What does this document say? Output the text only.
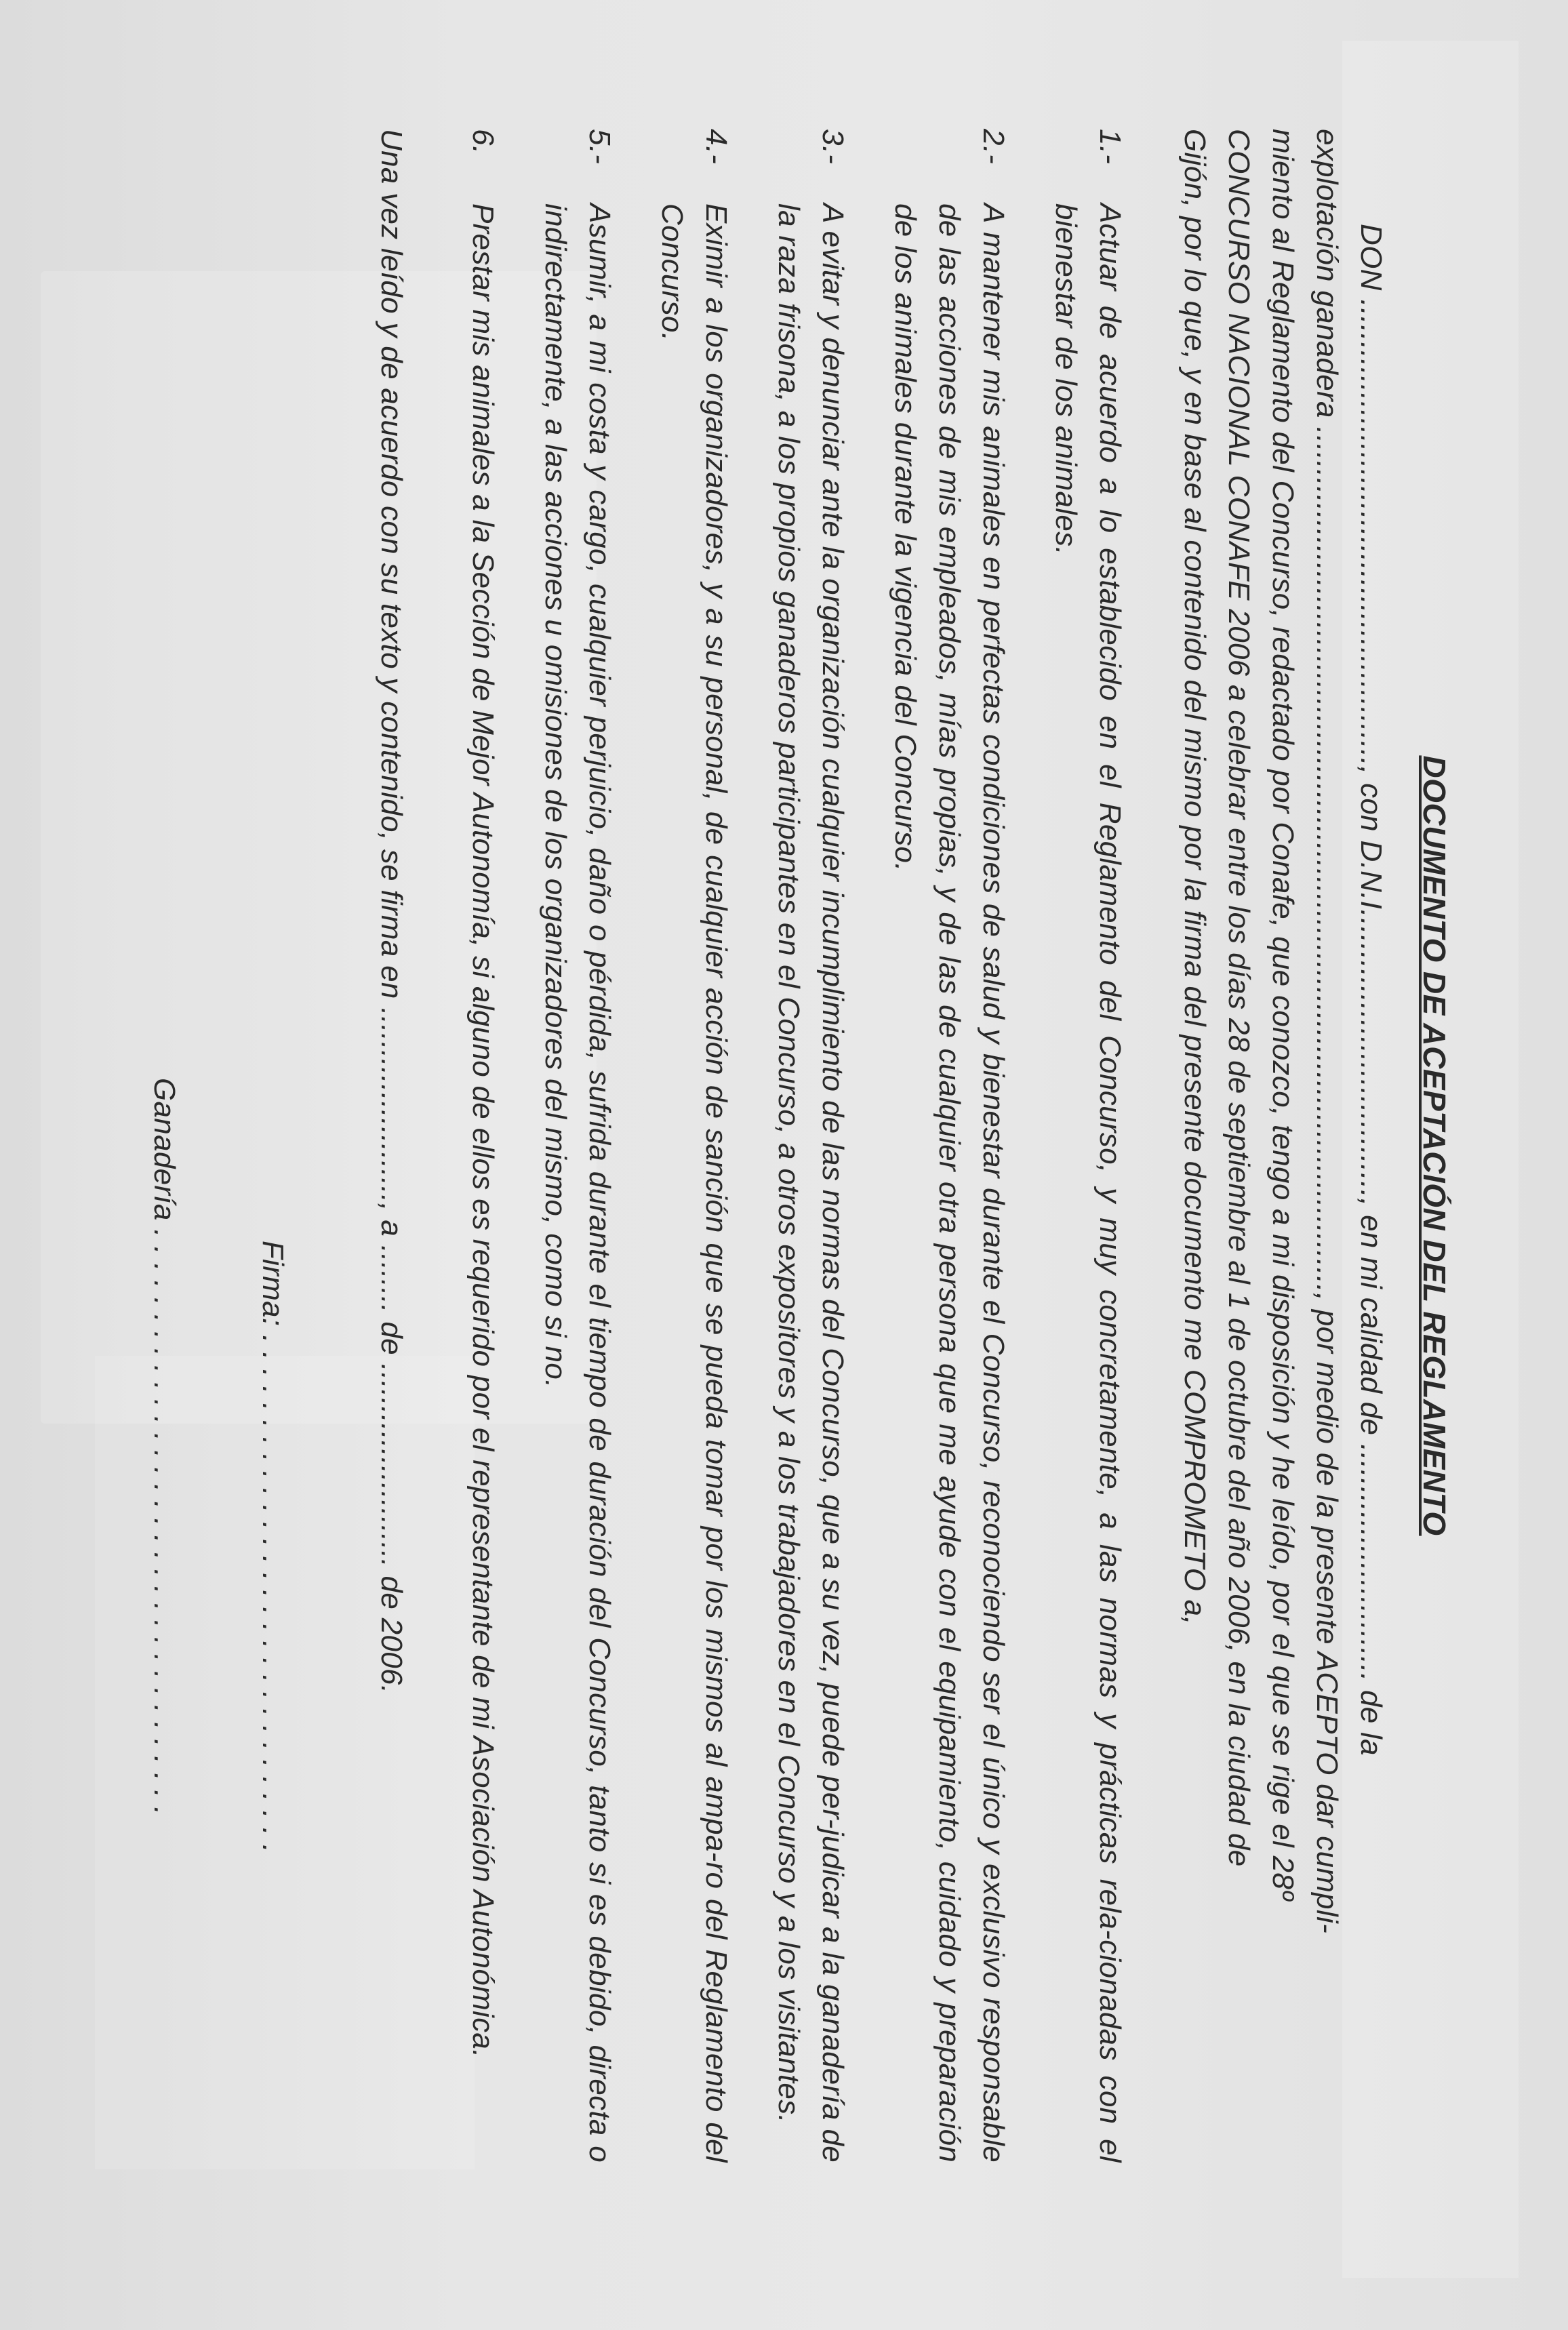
DOCUMENTO DE ACEPTACIÓN DEL REGLAMENTO
DON ......................................................., con D.N.I.................................., en mi calidad de ............................ de la
explotación ganadera ......................................................................................................, por medio de la presente ACEPTO dar cumpli-
miento al Reglamento del Concurso, redactado por Conafe, que conozco, tengo a mi disposición y he leído, por el que se rige el 28º
CONCURSO NACIONAL CONAFE 2006 a celebrar entre los días 28 de septiembre al 1 de octubre del año 2006, en la ciudad de
Gijón, por lo que, y en base al contenido del mismo por la firma del presente documento me COMPROMETO a,
1.-
Actuar de acuerdo a lo establecido en el Reglamento del Concurso, y muy concretamente, a las normas y prácticas rela-cionadas con el bienestar de los animales.
2.-
A mantener mis animales en perfectas condiciones de salud y bienestar durante el Concurso, reconociendo ser el único y exclusivo responsable de las acciones de mis empleados, mías propias, y de las de cualquier otra persona que me ayude con el equipamiento, cuidado y preparación de los animales durante la vigencia del Concurso.
3.-
A evitar y denunciar ante la organización cualquier incumplimiento de las normas del Concurso, que a su vez, puede per-judicar a la ganadería de la raza frisona, a los propios ganaderos participantes en el Concurso, a otros expositores y a los trabajadores en el Concurso y a los visitantes.
4.-
Eximir a los organizadores, y a su personal, de cualquier acción de sanción que se pueda tomar por los mismos al ampa-ro del Reglamento del Concurso.
5.-
Asumir, a mi costa y cargo, cualquier perjuicio, daño o pérdida, sufrida durante el tiempo de duración del Concurso, tanto si es debido, directa o indirectamente, a las acciones u omisiones de los organizadores del mismo, como si no.
6.
Prestar mis animales a la Sección de Mejor Autonomía, si alguno de ellos es requerido por el representante de mi Asociación Autonómica.
Una vez leído y de acuerdo con su texto y contenido, se firma en ......................., a ........ de ........................ de 2006.
Firma: . . . . . . . . . . . . . . . . . . . . . . . . . . . . . . .
Ganadería . . . . . . . . . . . . . . . . . . . . . . . . . . . . . . . . . . .
